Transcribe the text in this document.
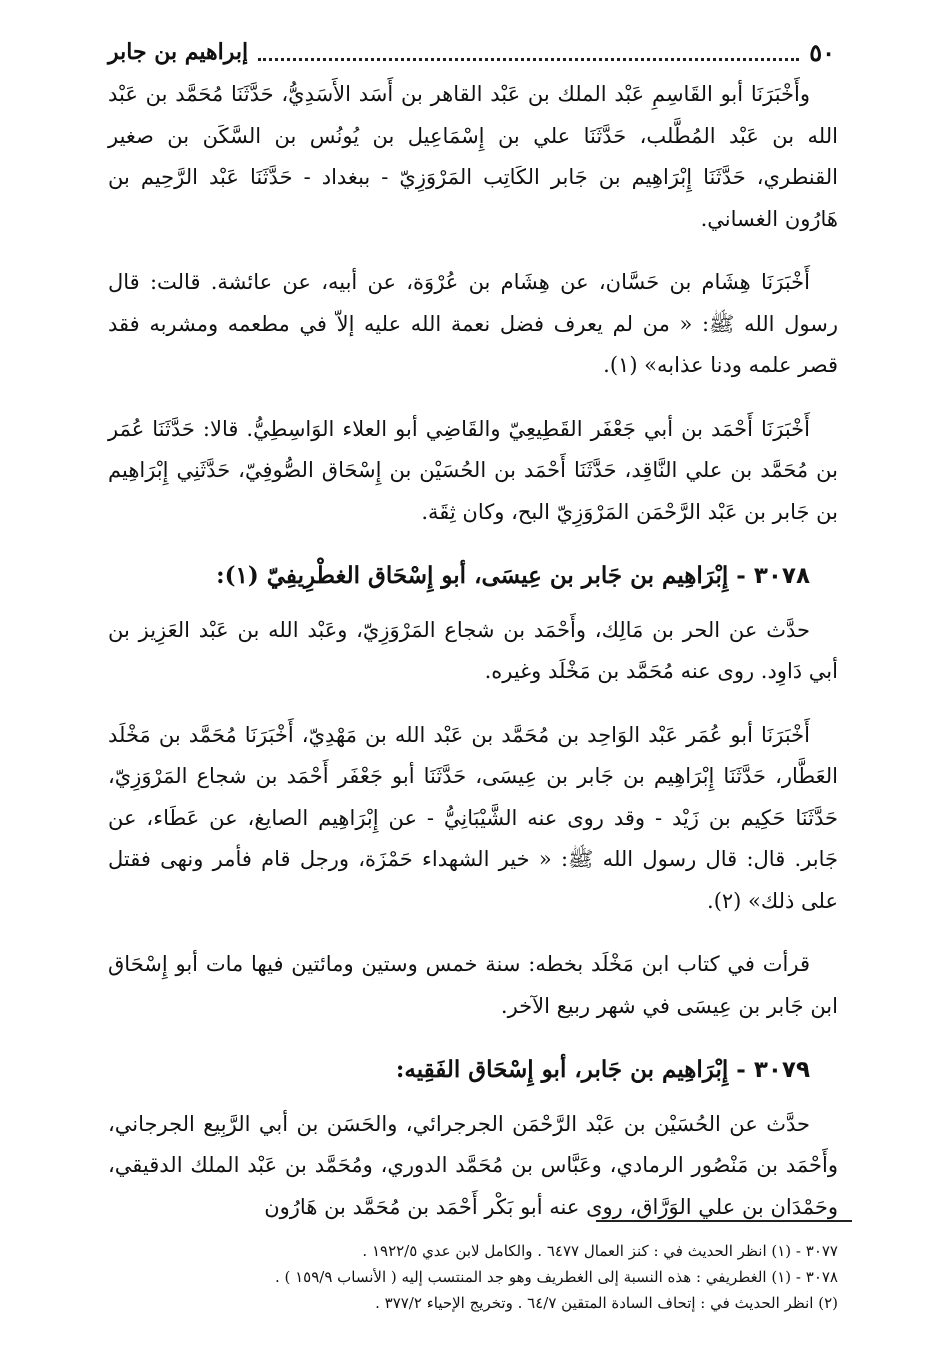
٥٠
إبراهيم بن جابر

وأَخْبَرَنَا أبو القَاسِمِ عَبْد الملك بن عَبْد القاهر بن أَسَد الأَسَدِيُّ، حَدَّثَنَا مُحَمَّد بن عَبْد الله بن عَبْد المُطَّلب، حَدَّثَنَا علي بن إِسْمَاعِيل بن يُونُس بن السَّكَن بن صغير القنطري، حَدَّثَنَا إِبْرَاهِيم بن جَابر الكَاتِب المَرْوَزِيّ - ببغداد - حَدَّثَنَا عَبْد الرَّحِيم بن هَارُون الغساني.

أَخْبَرَنَا هِشَام بن حَسَّان، عن هِشَام بن عُرْوَة، عن أبيه، عن عائشة. قالت: قال رسول الله ﷺ: « من لم يعرف فضل نعمة الله عليه إلاّ في مطعمه ومشربه فقد قصر علمه ودنا عذابه» (١).

أَخْبَرَنَا أَحْمَد بن أبي جَعْفَر القَطِيعِيّ والقَاضِي أبو العلاء الوَاسِطِيُّ. قالا: حَدَّثَنَا عُمَر بن مُحَمَّد بن علي النَّاقِد، حَدَّثَنَا أَحْمَد بن الحُسَيْن بن إِسْحَاق الصُّوفِيّ، حَدَّثَنِي إِبْرَاهِيم بن جَابر بن عَبْد الرَّحْمَن المَرْوَزِيّ البح، وكان ثِقَة.

٣٠٧٨ - إِبْرَاهِيم بن جَابر بن عِيسَى، أبو إِسْحَاق الغطْرِيفِيّ (١):

حدَّث عن الحر بن مَالِك، وأَحْمَد بن شجاع المَرْوَزِيّ، وعَبْد الله بن عَبْد العَزِيز بن أبي دَاوِد. روى عنه مُحَمَّد بن مَخْلَد وغيره.

أَخْبَرَنَا أبو عُمَر عَبْد الوَاحِد بن مُحَمَّد بن عَبْد الله بن مَهْدِيّ، أَخْبَرَنَا مُحَمَّد بن مَخْلَد العَطَّار، حَدَّثَنَا إِبْرَاهِيم بن جَابر بن عِيسَى، حَدَّثَنَا أبو جَعْفَر أَحْمَد بن شجاع المَرْوَزِيّ، حَدَّثَنَا حَكِيم بن زَيْد - وقد روى عنه الشَّيْبَانِيُّ - عن إِبْرَاهِيم الصايغ، عن عَطَاء، عن جَابر. قال: قال رسول الله ﷺ: « خير الشهداء حَمْزَة، ورجل قام فأمر ونهى فقتل على ذلك» (٢).

قرأت في كتاب ابن مَخْلَد بخطه: سنة خمس وستين ومائتين فيها مات أبو إِسْحَاق ابن جَابر بن عِيسَى في شهر ربيع الآخر.

٣٠٧٩ - إِبْرَاهِيم بن جَابر، أبو إِسْحَاق الفَقِيه:

حدَّث عن الحُسَيْن بن عَبْد الرَّحْمَن الجرجرائي، والحَسَن بن أبي الرَّبِيع الجرجاني، وأَحْمَد بن مَنْصُور الرمادي، وعَبَّاس بن مُحَمَّد الدوري، ومُحَمَّد بن عَبْد الملك الدقيقي، وحَمْدَان بن علي الوَرَّاق، روى عنه أبو بَكْر أَحْمَد بن مُحَمَّد بن هَارُون

٣٠٧٧ - (١) انظر الحديث في : كنز العمال ٦٤٧٧ . والكامل لابن عدي ١٩٢٢/٥ .

٣٠٧٨ - (١) الغطريفي : هذه النسبة إلى الغطريف وهو جد المنتسب إليه ( الأنساب ١٥٩/٩ ) .

(٢) انظر الحديث في : إتحاف السادة المتقين ٦٤/٧ . وتخريج الإحياء ٣٧٧/٢ .
